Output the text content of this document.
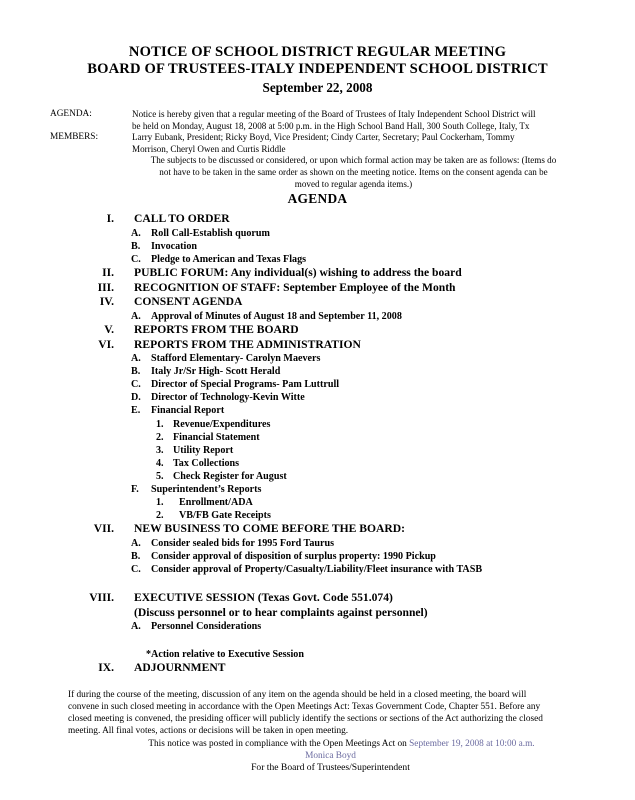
NOTICE OF SCHOOL DISTRICT REGULAR MEETING
BOARD OF TRUSTEES-ITALY INDEPENDENT SCHOOL DISTRICT
September 22, 2008
AGENDA:	Notice is hereby given that a regular meeting of the Board of Trustees of Italy Independent School District will

be held on Monday, August 18, 2008 at 5:00 p.m. in the High School Band Hall, 300 South College, Italy, Tx

MEMBERS:	Larry Eubank, President; Ricky Boyd, Vice President; Cindy Carter, Secretary; Paul Cockerham, Tommy

Morrison, Cheryl Owen and Curtis Riddle

The subjects to be discussed or considered, or upon which formal action may be taken are as follows: (Items do

not have to be taken in the same order as shown on the meeting notice. Items on the consent agenda can be

moved to regular agenda items.)

AGENDA
I.	CALL TO ORDER
A.	Roll Call-Establish quorum
B.	Invocation
C.	Pledge to American and Texas Flags
II.	PUBLIC FORUM: Any individual(s) wishing to address the board
III.	RECOGNITION OF STAFF: September Employee of the Month
IV.	CONSENT AGENDA
A.	Approval of Minutes of August 18 and September 11, 2008
V.	REPORTS FROM THE BOARD
VI.	REPORTS FROM THE ADMINISTRATION
A.	Stafford Elementary- Carolyn Maevers
B.	Italy Jr/Sr High- Scott Herald
C.	Director of Special Programs- Pam Luttrull
D.	Director of Technology-Kevin Witte
E.	Financial Report
1. Revenue/Expenditures
2. Financial Statement
3. Utility Report
4. Tax Collections
5. Check Register for August
F.	Superintendent’s Reports
1.	Enrollment/ADA
2.	VB/FB Gate Receipts
VII.	NEW BUSINESS TO COME BEFORE THE BOARD:
A.	Consider sealed bids for 1995 Ford Taurus
B.	Consider approval of disposition of surplus property: 1990 Pickup
C.	Consider approval of Property/Casualty/Liability/Fleet insurance with TASB
VIII.	EXECUTIVE SESSION (Texas Govt. Code 551.074)
(Discuss personnel or to hear complaints against personnel)
A.	Personnel Considerations
*Action relative to Executive Session
IX.	ADJOURNMENT

If during the course of the meeting, discussion of any item on the agenda should be held in a closed meeting, the board will

convene in such closed meeting in accordance with the Open Meetings Act: Texas Government Code, Chapter 551. Before any

closed meeting is convened, the presiding officer will publicly identify the sections or sections of the Act authorizing the closed

meeting. All final votes, actions or decisions will be taken in open meeting.

This notice was posted in compliance with the Open Meetings Act on September 19, 2008 at 10:00 a.m.
Monica Boyd
For the Board of Trustees/Superintendent
